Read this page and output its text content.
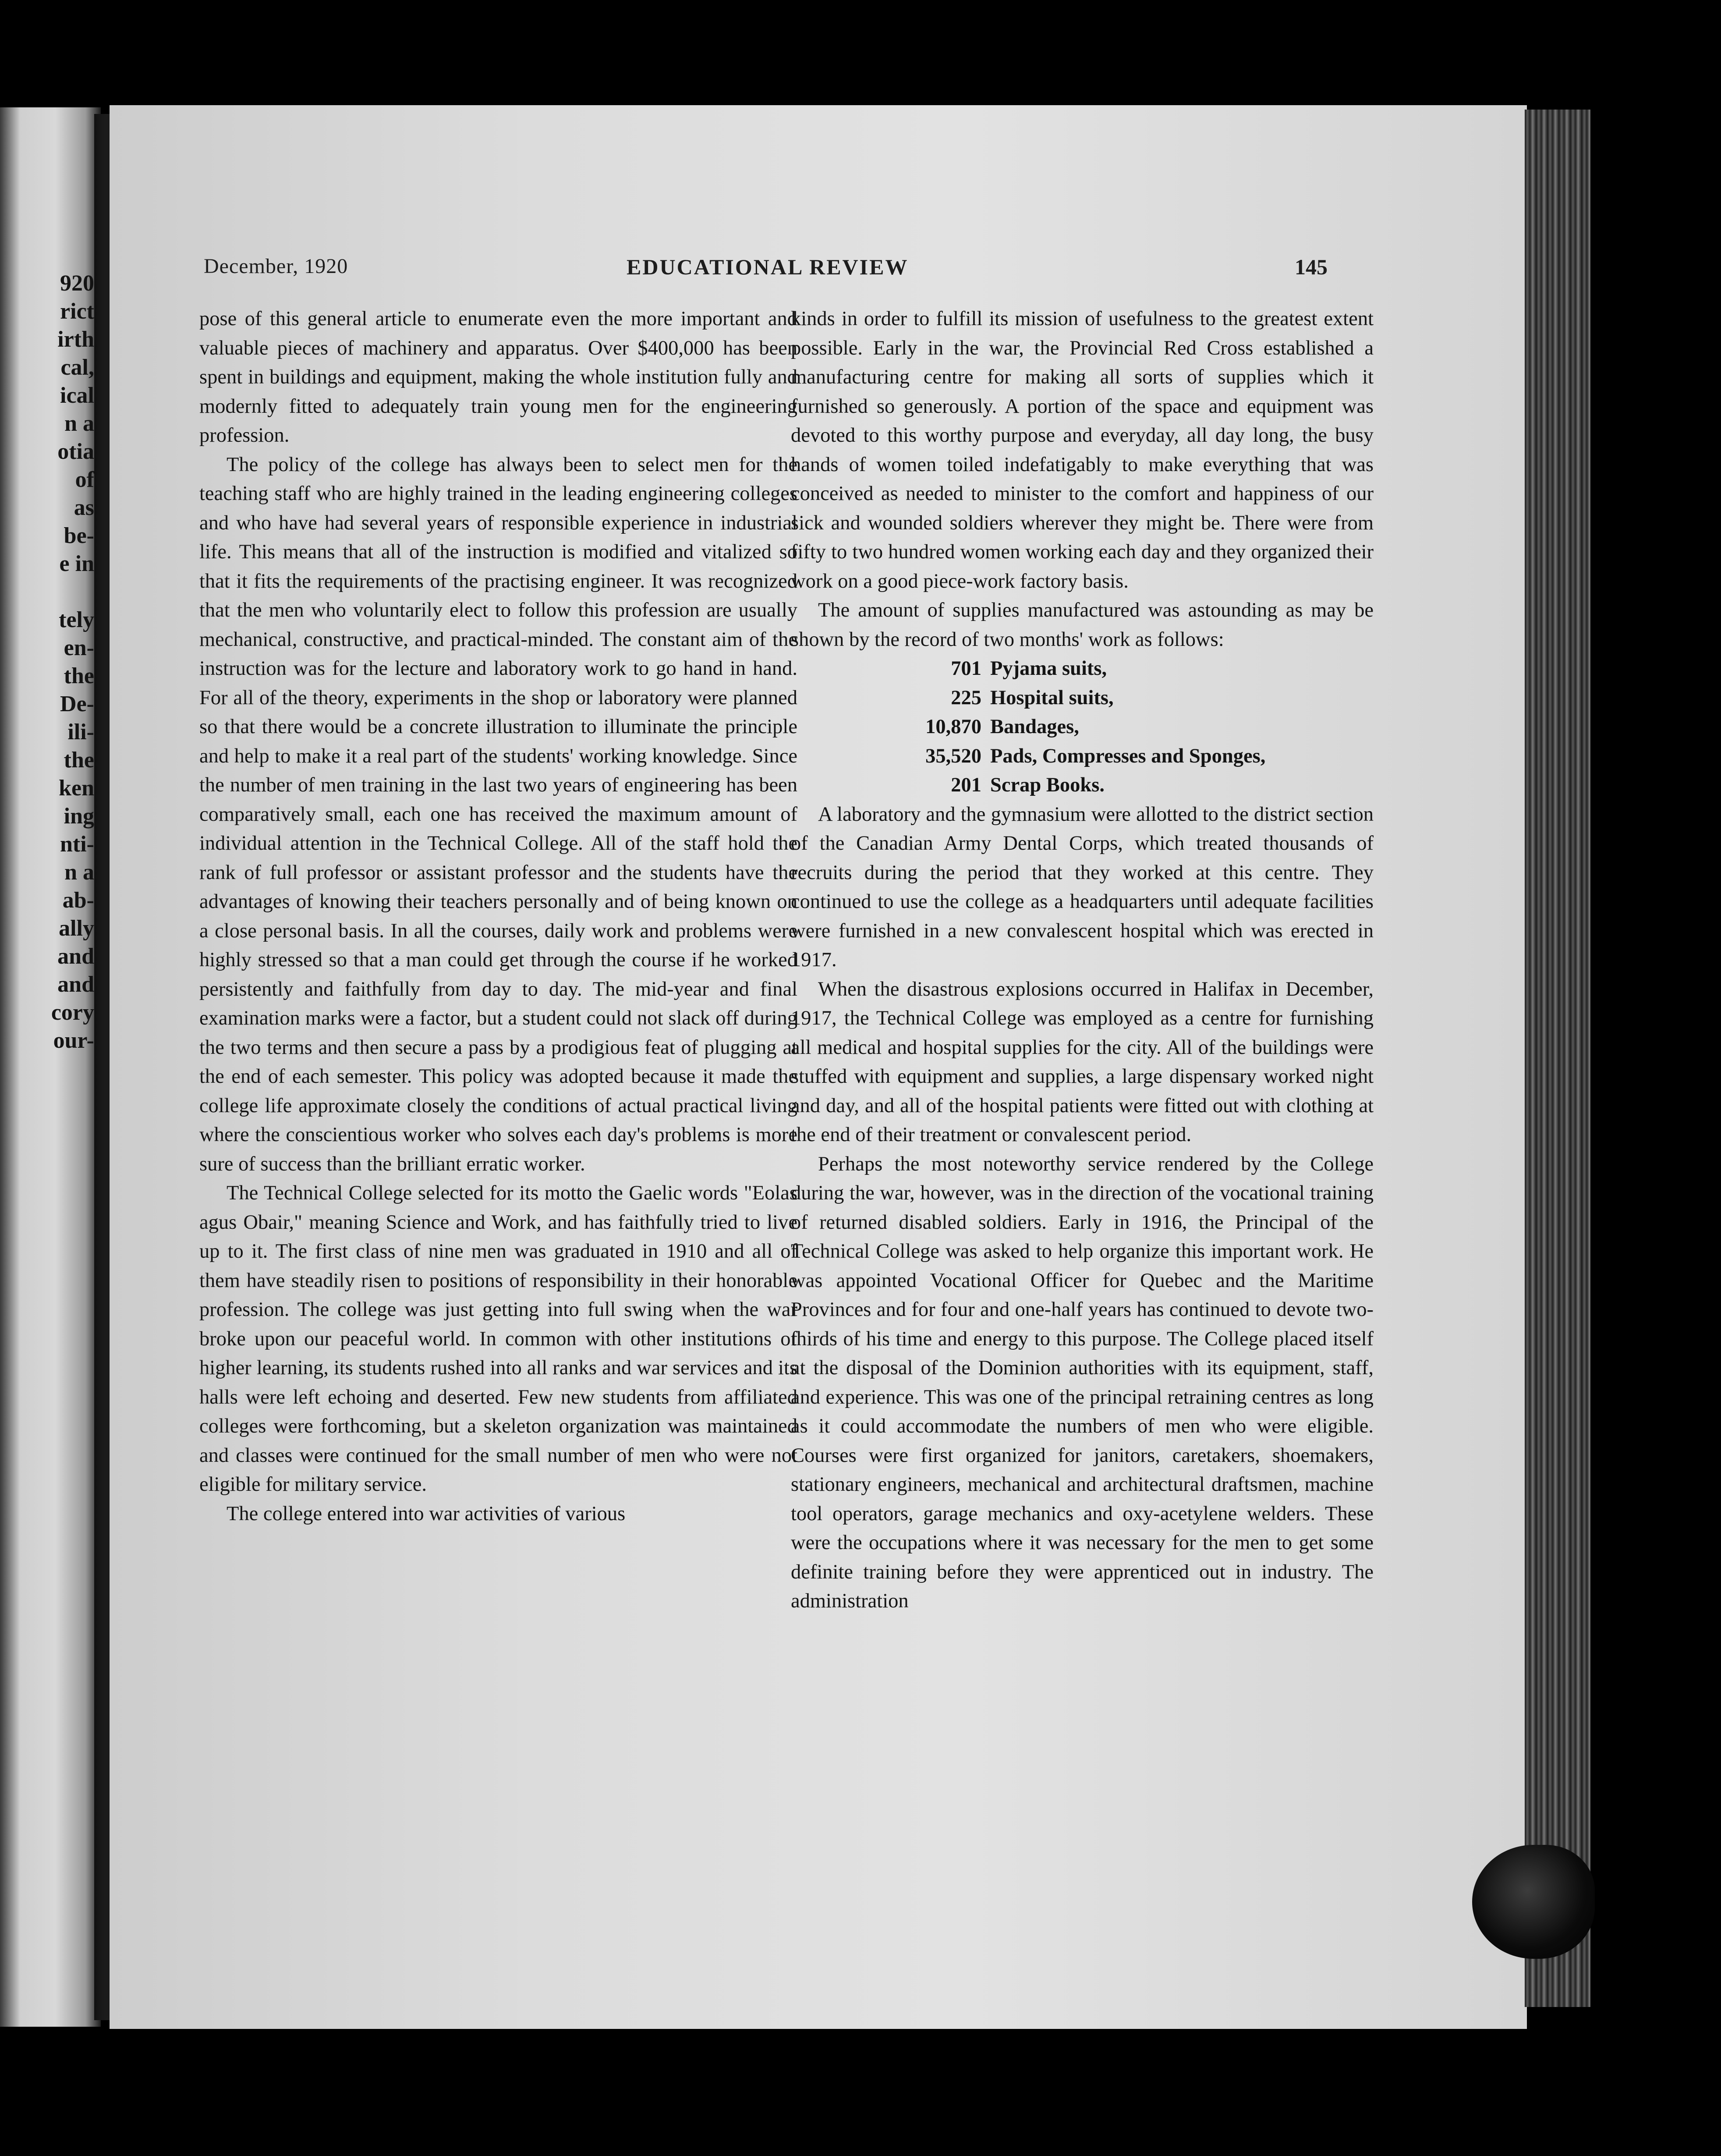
920
rict
irth
cal,
ical
n a
otia
of
as
be-
e in

tely
en-
the
De-
ili-
the
ken
ing
nti-
n a
ab-
ally
and
and
cory
our-
December, 1920	EDUCATIONAL REVIEW	145

pose of this general article to enumerate even the more important and valuable pieces of machinery and apparatus. Over $400,000 has been spent in buildings and equipment, making the whole institution fully and modernly fitted to adequately train young men for the engineering profession.

The policy of the college has always been to select men for the teaching staff who are highly trained in the leading engineering colleges and who have had several years of responsible experience in industrial life. This means that all of the instruction is modified and vitalized so that it fits the requirements of the practising engineer. It was recognized that the men who voluntarily elect to follow this profession are usually mechanical, constructive, and practical-minded. The constant aim of the instruction was for the lecture and laboratory work to go hand in hand. For all of the theory, experiments in the shop or laboratory were planned so that there would be a concrete illustration to illuminate the principle and help to make it a real part of the students' working knowledge. Since the number of men training in the last two years of engineering has been comparatively small, each one has received the maximum amount of individual attention in the Technical College. All of the staff hold the rank of full professor or assistant professor and the students have the advantages of knowing their teachers personally and of being known on a close personal basis. In all the courses, daily work and problems were highly stressed so that a man could get through the course if he worked persistently and faithfully from day to day. The mid-year and final examination marks were a factor, but a student could not slack off during the two terms and then secure a pass by a prodigious feat of plugging at the end of each semester. This policy was adopted because it made the college life approximate closely the conditions of actual practical living where the conscientious worker who solves each day's problems is more sure of success than the brilliant erratic worker.

The Technical College selected for its motto the Gaelic words "Eolas agus Obair," meaning Science and Work, and has faithfully tried to live up to it. The first class of nine men was graduated in 1910 and all of them have steadily risen to positions of responsibility in their honorable profession. The college was just getting into full swing when the war broke upon our peaceful world. In common with other institutions of higher learning, its students rushed into all ranks and war services and its halls were left echoing and deserted. Few new students from affiliated colleges were forthcoming, but a skeleton organization was maintained and classes were continued for the small number of men who were not eligible for military service.

The college entered into war activities of various

kinds in order to fulfill its mission of usefulness to the greatest extent possible. Early in the war, the Provincial Red Cross established a manufacturing centre for making all sorts of supplies which it furnished so generously. A portion of the space and equipment was devoted to this worthy purpose and everyday, all day long, the busy hands of women toiled indefatigably to make everything that was conceived as needed to minister to the comfort and happiness of our sick and wounded soldiers wherever they might be. There were from fifty to two hundred women working each day and they organized their work on a good piece-work factory basis.

The amount of supplies manufactured was astounding as may be shown by the record of two months' work as follows:

701 Pyjama suits,
225 Hospital suits,
10,870 Bandages,
35,520 Pads, Compresses and Sponges,
201 Scrap Books.

A laboratory and the gymnasium were allotted to the district section of the Canadian Army Dental Corps, which treated thousands of recruits during the period that they worked at this centre. They continued to use the college as a headquarters until adequate facilities were furnished in a new convalescent hospital which was erected in 1917.

When the disastrous explosions occurred in Halifax in December, 1917, the Technical College was employed as a centre for furnishing all medical and hospital supplies for the city. All of the buildings were stuffed with equipment and supplies, a large dispensary worked night and day, and all of the hospital patients were fitted out with clothing at the end of their treatment or convalescent period.

Perhaps the most noteworthy service rendered by the College during the war, however, was in the direction of the vocational training of returned disabled soldiers. Early in 1916, the Principal of the Technical College was asked to help organize this important work. He was appointed Vocational Officer for Quebec and the Maritime Provinces and for four and one-half years has continued to devote two-thirds of his time and energy to this purpose. The College placed itself at the disposal of the Dominion authorities with its equipment, staff, and experience. This was one of the principal retraining centres as long as it could accommodate the numbers of men who were eligible. Courses were first organized for janitors, caretakers, shoemakers, stationary engineers, mechanical and architectural draftsmen, machine tool operators, garage mechanics and oxy-acetylene welders. These were the occupations where it was necessary for the men to get some definite training before they were apprenticed out in industry. The administration
